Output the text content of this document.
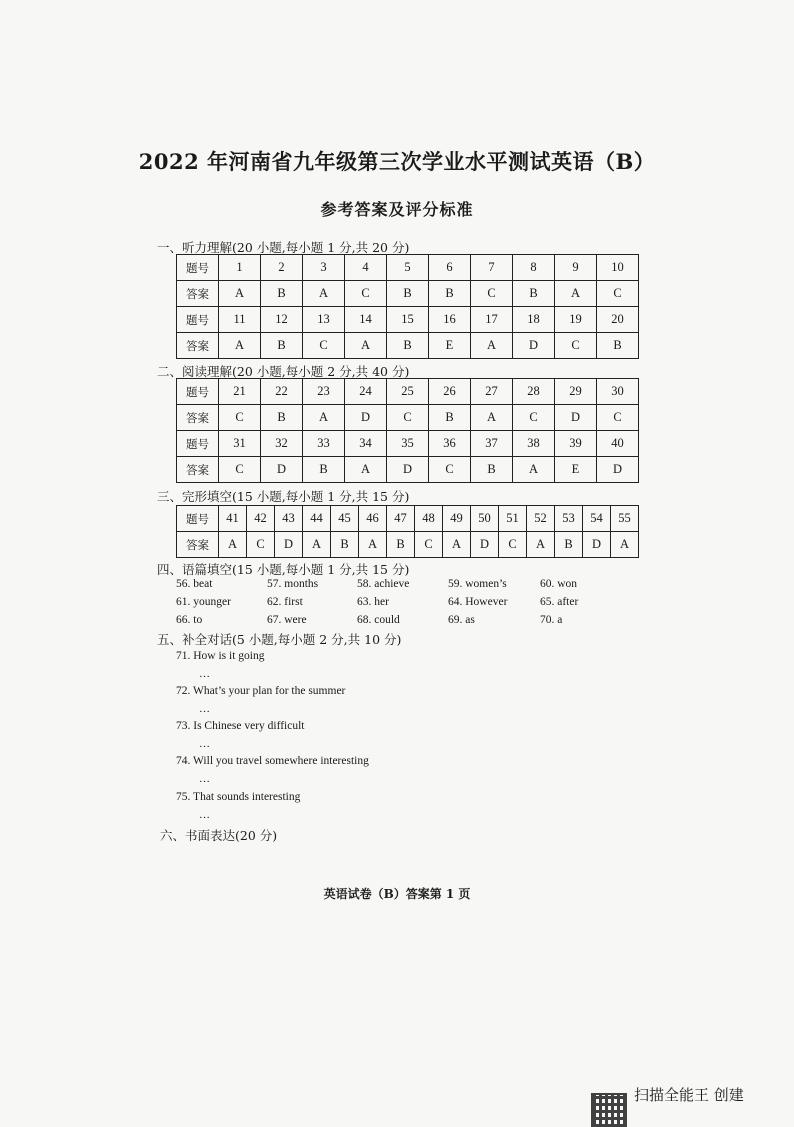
2022 年河南省九年级第三次学业水平测试英语（B）
参考答案及评分标准

一、听力理解(20 小题,每小题 1 分,共 20 分)

题号	1	2	3	4	5	6	7	8	9	10
答案	A	B	A	C	B	B	C	B	A	C
题号	11	12	13	14	15	16	17	18	19	20
答案	A	B	C	A	B	E	A	D	C	B

二、阅读理解(20 小题,每小题 2 分,共 40 分)

题号	21	22	23	24	25	26	27	28	29	30
答案	C	B	A	D	C	B	A	C	D	C
题号	31	32	33	34	35	36	37	38	39	40
答案	C	D	B	A	D	C	B	A	E	D

三、完形填空(15 小题,每小题 1 分,共 15 分)

题号	41	42	43	44	45	46	47	48	49	50	51	52	53	54	55
答案	A	C	D	A	B	A	B	C	A	D	C	A	B	D	A

四、语篇填空(15 小题,每小题 1 分,共 15 分)

56. beat	57. months	58. achieve	59. women’s	60. won
61. younger	62. first	63. her	64. However	65. after
66. to	67. were	68. could	69. as	70. a

五、补全对话(5 小题,每小题 2 分,共 10 分)

71. How is it going

…

72. What’s your plan for the summer

…

73. Is Chinese very difficult

…

74. Will you travel somewhere interesting

…

75. That sounds interesting

…

六、书面表达(20 分)

英语试卷（B）答案第 1 页

扫描全能王 创建
